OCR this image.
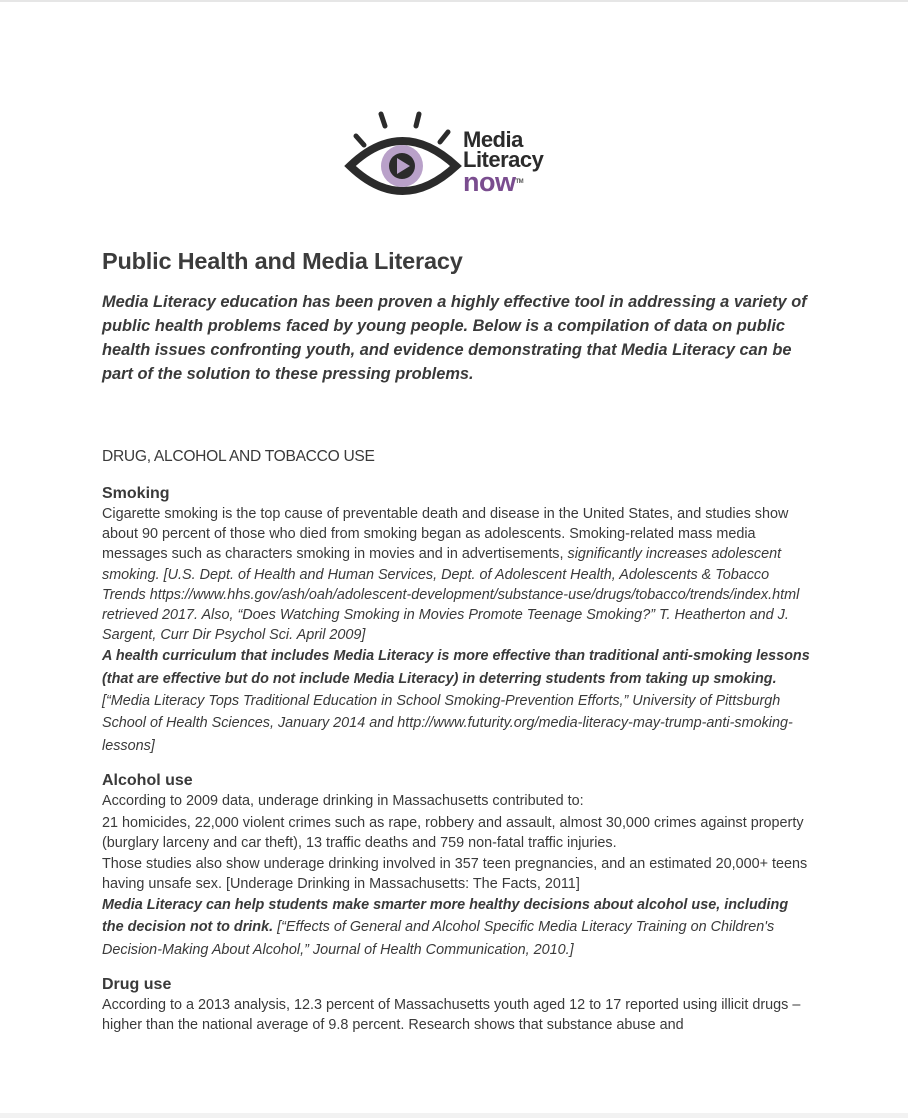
Media
Literacy
now™
Public Health and Media Literacy

Media Literacy education has been proven a highly effective tool in addressing a variety of public health problems faced by young people. Below is a compilation of data on public health issues confronting youth, and evidence demonstrating that Media Literacy can be part of the solution to these pressing problems.

DRUG, ALCOHOL AND TOBACCO USE
Smoking

Cigarette smoking is the top cause of preventable death and disease in the United States, and studies show about 90 percent of those who died from smoking began as adolescents. Smoking-related mass media messages such as characters smoking in movies and in advertisements, significantly increases adolescent smoking. [U.S. Dept. of Health and Human Services, Dept. of Adolescent Health, Adolescents & Tobacco Trends https://www.hhs.gov/ash/oah/adolescent-development/substance-use/drugs/tobacco/trends/index.html retrieved 2017. Also, “Does Watching Smoking in Movies Promote Teenage Smoking?” T. Heatherton and J. Sargent, Curr Dir Psychol Sci. April 2009]

A health curriculum that includes Media Literacy is more effective than traditional anti-smoking lessons (that are effective but do not include Media Literacy) in deterring students from taking up smoking. [“Media Literacy Tops Traditional Education in School Smoking-Prevention Efforts,” University of Pittsburgh School of Health Sciences, January 2014 and http://www.futurity.org/media-literacy-may-trump-anti-smoking-lessons]

Alcohol use

According to 2009 data, underage drinking in Massachusetts contributed to:

21 homicides, 22,000 violent crimes such as rape, robbery and assault, almost 30,000 crimes against property (burglary larceny and car theft), 13 traffic deaths and 759 non-fatal traffic injuries.

Those studies also show underage drinking involved in 357 teen pregnancies, and an estimated 20,000+ teens having unsafe sex. [Underage Drinking in Massachusetts: The Facts, 2011]

Media Literacy can help students make smarter more healthy decisions about alcohol use, including the decision not to drink. [“Effects of General and Alcohol Specific Media Literacy Training on Children's Decision-Making About Alcohol,” Journal of Health Communication, 2010.]

Drug use

According to a 2013 analysis, 12.3 percent of Massachusetts youth aged 12 to 17 reported using illicit drugs – higher than the national average of 9.8 percent. Research shows that substance abuse and
